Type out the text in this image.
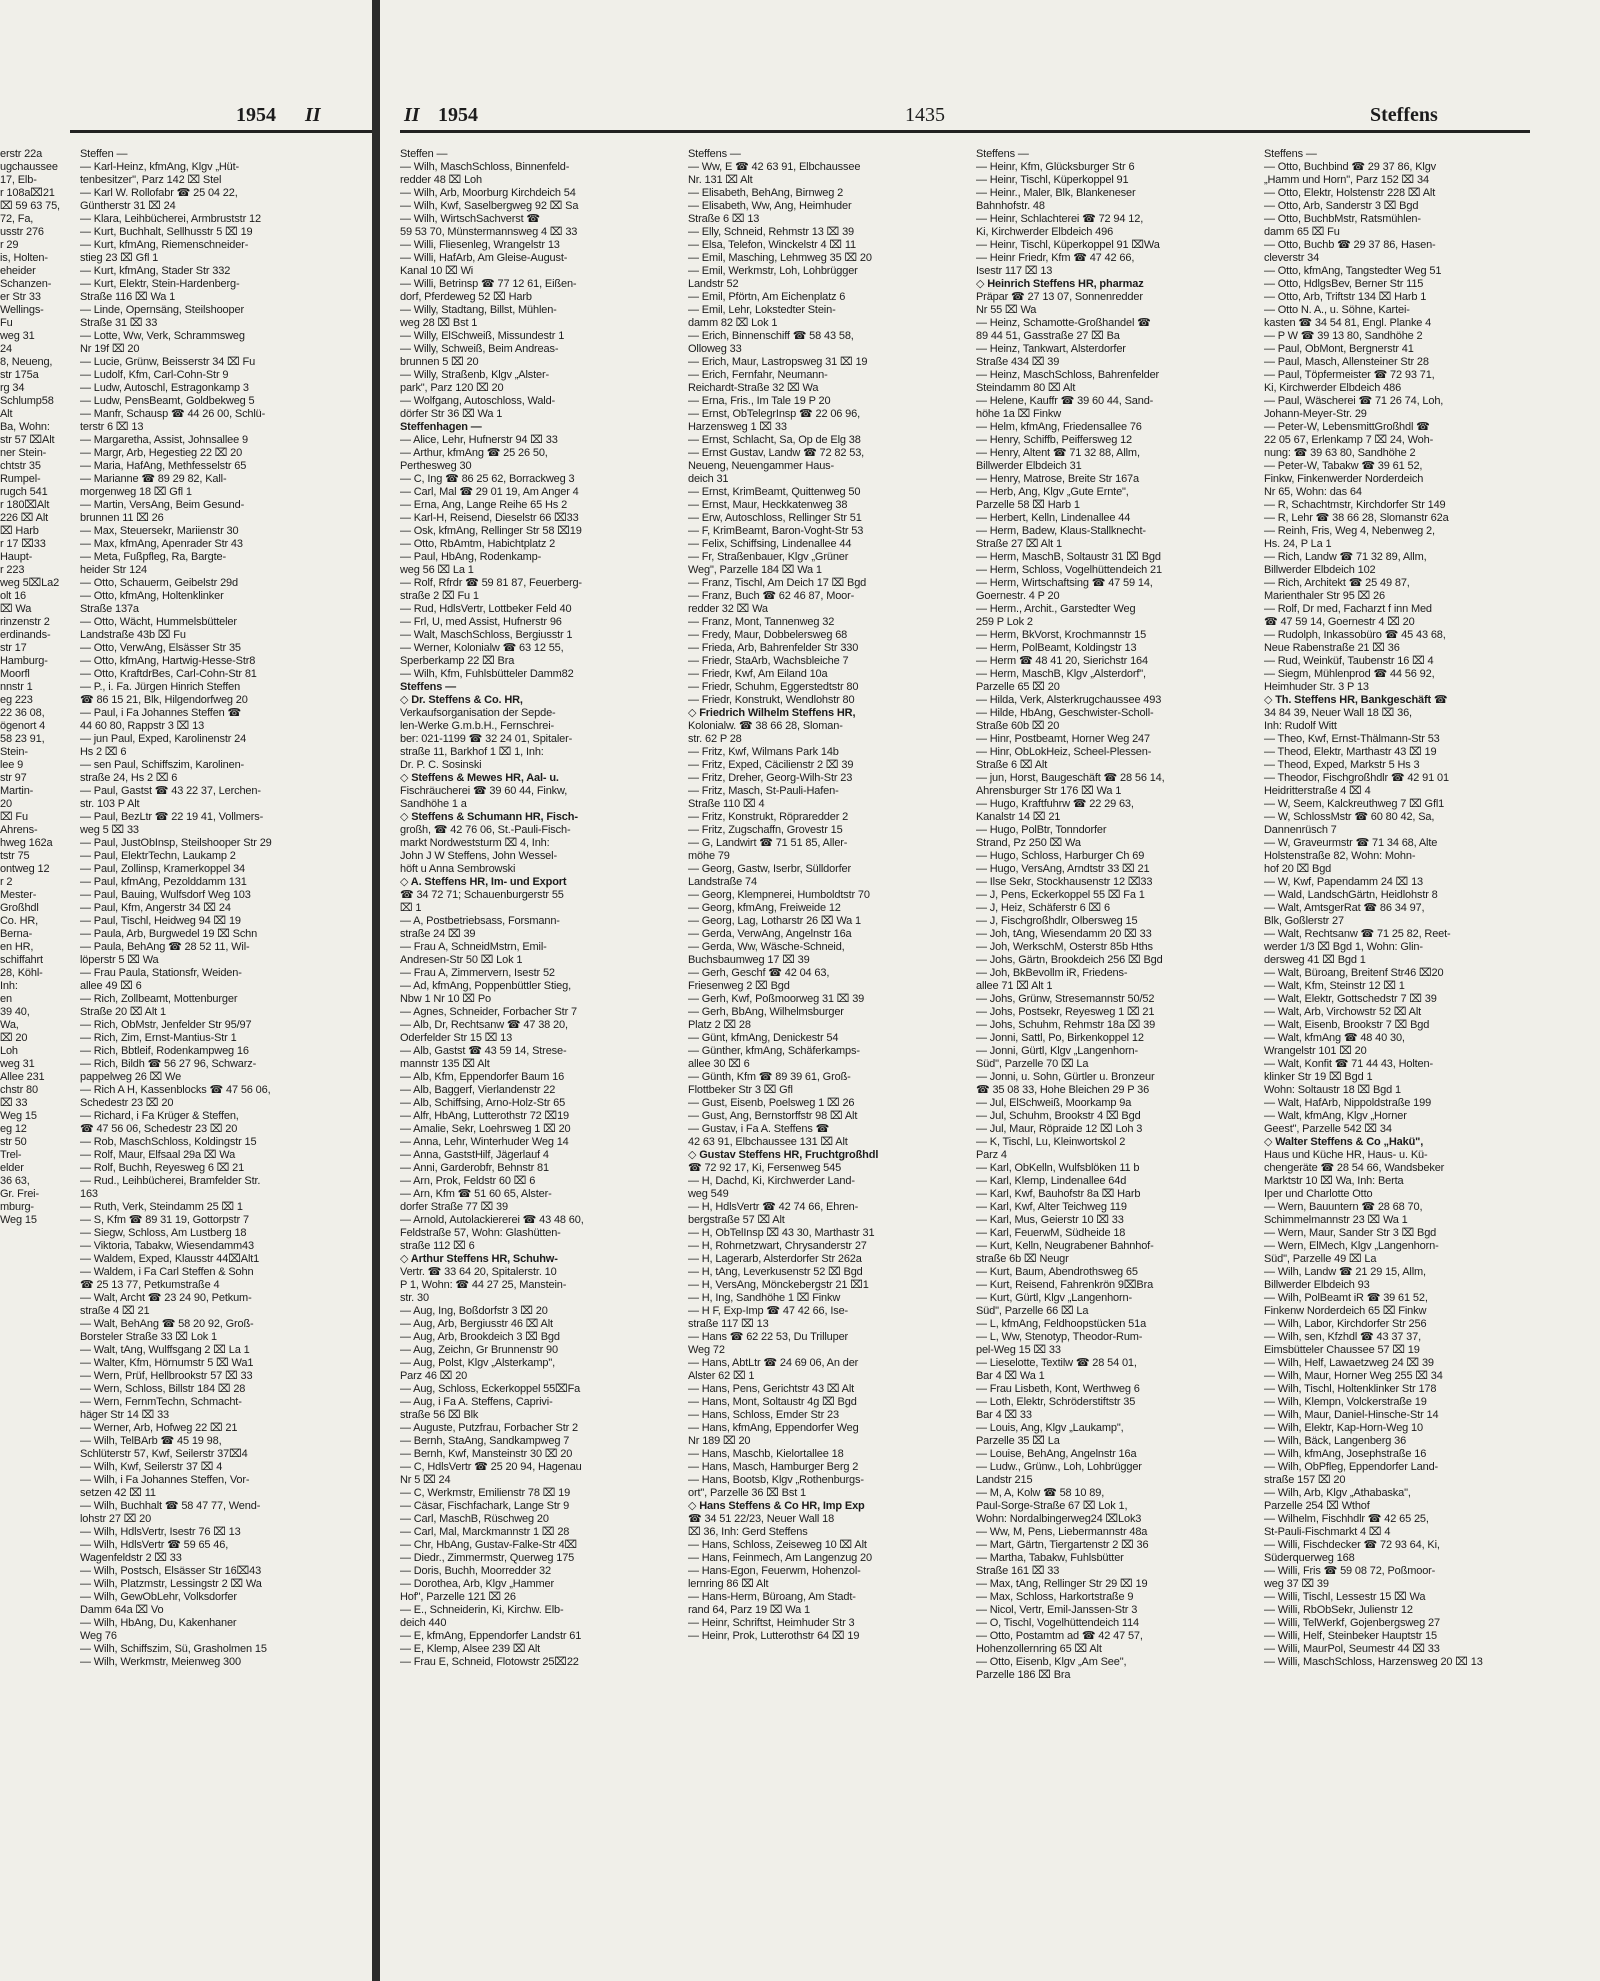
1954 II
erstr 22a
ugchaussee
17, Elb-
r 108a⌧21
⌧ 59 63 75,
72, Fa,
usstr 276
r 29
is, Holten-
eheider
Schanzen-
er Str 33
Wellings-
Fu
weg 31
24
8, Neueng,
str 175a
rg 34
Schlump58
Alt
Ba, Wohn:
str 57 ⌧Alt
ner Stein-
chtstr 35
Rumpel-
rugch 541
r 180⌧Alt
226 ⌧ Alt
⌧ Harb
r 17 ⌧33
Haupt-
r 223
weg 5⌧La2
olt 16
⌧ Wa
rinzenstr 2
erdinands-
str 17
Hamburg-
Moorfl
nnstr 1
eg 223
22 36 08,
ögenort 4
58 23 91,
Stein-
lee 9
str 97
Martin-
20
⌧ Fu
Ahrens-
hweg 162a
tstr 75
ontweg 12
r 2
Mester-
Großhdl
Co. HR,
Berna-
en HR,
schiffahrt
28, Köhl-
Inh:
en
39 40,
Wa,
⌧ 20
Loh
weg 31
Allee 231
chstr 80
⌧ 33
Weg 15
eg 12
str 50
Trel-
elder
36 63,
Gr. Frei-
mburg-
Weg 15
Steffen —
— Karl-Heinz, kfmAng, Klgv „Hüt-
tenbesitzer", Parz 142 ⌧ Stel
— Karl W. Rollofabr ☎ 25 04 22,
Güntherstr 31 ⌧ 24
— Klara, Leihbücherei, Armbruststr 12
— Kurt, Buchhalt, Sellhusstr 5 ⌧ 19
— Kurt, kfmAng, Riemenschneider-
stieg 23 ⌧ Gfl 1
— Kurt, kfmAng, Stader Str 332
— Kurt, Elektr, Stein-Hardenberg-
Straße 116 ⌧ Wa 1
— Linde, Opernsäng, Steilshooper
Straße 31 ⌧ 33
— Lotte, Ww, Verk, Schrammsweg
Nr 19f ⌧ 20
— Lucie, Grünw, Beisserstr 34 ⌧ Fu
— Ludolf, Kfm, Carl-Cohn-Str 9
— Ludw, Autoschl, Estragonkamp 3
— Ludw, PensBeamt, Goldbekweg 5
— Manfr, Schausp ☎ 44 26 00, Schlü-
terstr 6 ⌧ 13
— Margaretha, Assist, Johnsallee 9
— Margr, Arb, Hegestieg 22 ⌧ 20
— Maria, HafAng, Methfesselstr 65
— Marianne ☎ 89 29 82, Kall-
morgenweg 18 ⌧ Gfl 1
— Martin, VersAng, Beim Gesund-
brunnen 11 ⌧ 26
— Max, Steuersekr, Mariienstr 30
— Max, kfmAng, Apenrader Str 43
— Meta, Fußpfleg, Ra, Bargte-
heider Str 124
— Otto, Schauerm, Geibelstr 29d
— Otto, kfmAng, Holtenklinker
Straße 137a
— Otto, Wächt, Hummelsbütteler
Landstraße 43b ⌧ Fu
— Otto, VerwAng, Elsässer Str 35
— Otto, kfmAng, Hartwig-Hesse-Str8
— Otto, KraftdrBes, Carl-Cohn-Str 81
— P., i. Fa. Jürgen Hinrich Steffen
☎ 86 15 21, Blk, Hilgendorfweg 20
— Paul, i Fa Johannes Steffen ☎
44 60 80, Rappstr 3 ⌧ 13
— jun Paul, Exped, Karolinenstr 24
Hs 2 ⌧ 6
— sen Paul, Schiffszim, Karolinen-
straße 24, Hs 2 ⌧ 6
— Paul, Gastst ☎ 43 22 37, Lerchen-
str. 103 P Alt
— Paul, BezLtr ☎ 22 19 41, Vollmers-
weg 5 ⌧ 33
— Paul, JustObInsp, Steilshooper Str 29
— Paul, ElektrTechn, Laukamp 2
— Paul, Zollinsp, Kramerkoppel 34
— Paul, kfmAng, Pezolddamm 131
— Paul, Bauing, Wulfsdorf Weg 103
— Paul, Kfm, Angerstr 34 ⌧ 24
— Paul, Tischl, Heidweg 94 ⌧ 19
— Paula, Arb, Burgwedel 19 ⌧ Schn
— Paula, BehAng ☎ 28 52 11, Wil-
löperstr 5 ⌧ Wa
— Frau Paula, Stationsfr, Weiden-
allee 49 ⌧ 6
— Rich, Zollbeamt, Mottenburger
Straße 20 ⌧ Alt 1
— Rich, ObMstr, Jenfelder Str 95/97
— Rich, Zim, Ernst-Mantius-Str 1
— Rich, Bbtleif, Rodenkampweg 16
— Rich, Bildh ☎ 56 27 96, Schwarz-
pappelweg 26 ⌧ We
— Rich A H, Kassenblocks ☎ 47 56 06,
Schedestr 23 ⌧ 20
— Richard, i Fa Krüger & Steffen,
☎ 47 56 06, Schedestr 23 ⌧ 20
— Rob, MaschSchloss, Koldingstr 15
— Rolf, Maur, Elfsaal 29a ⌧ Wa
— Rolf, Buchh, Reyesweg 6 ⌧ 21
— Rud., Leihbücherei, Bramfelder Str.
163
— Ruth, Verk, Steindamm 25 ⌧ 1
— S, Kfm ☎ 89 31 19, Gottorpstr 7
— Siegw, Schloss, Am Lustberg 18
— Viktoria, Tabakw, Wiesendamm43
— Waldem, Exped, Klausstr 44⌧Alt1
— Waldem, i Fa Carl Steffen & Sohn
☎ 25 13 77, Petkumstraße 4
— Walt, Archt ☎ 23 24 90, Petkum-
straße 4 ⌧ 21
— Walt, BehAng ☎ 58 20 92, Groß-
Borsteler Straße 33 ⌧ Lok 1
— Walt, tAng, Wulffsgang 2 ⌧ La 1
— Walter, Kfm, Hörnumstr 5 ⌧ Wa1
— Wern, Prüf, Hellbrookstr 57 ⌧ 33
— Wern, Schloss, Billstr 184 ⌧ 28
— Wern, FernmTechn, Schmacht-
häger Str 14 ⌧ 33
— Werner, Arb, Hofweg 22 ⌧ 21
— Wilh, TelBArb ☎ 45 19 98,
Schlüterstr 57, Kwf, Seilerstr 37⌧4
— Wilh, Kwf, Seilerstr 37 ⌧ 4
— Wilh, i Fa Johannes Steffen, Vor-
setzen 42 ⌧ 11
— Wilh, Buchhalt ☎ 58 47 77, Wend-
lohstr 27 ⌧ 20
— Wilh, HdlsVertr, Isestr 76 ⌧ 13
— Wilh, HdlsVertr ☎ 59 65 46,
Wagenfeldstr 2 ⌧ 33
— Wilh, Postsch, Elsässer Str 16⌧43
— Wilh, Platzmstr, Lessingstr 2 ⌧ Wa
— Wilh, GewObLehr, Volksdorfer
Damm 64a ⌧ Vo
— Wilh, HbAng, Du, Kakenhaner
Weg 76
— Wilh, Schiffszim, Sü, Grasholmen 15
— Wilh, Werkmstr, Meienweg 300
II 1954	1435	Steffens
Steffen —
— Wilh, MaschSchloss, Binnenfeld-
redder 48 ⌧ Loh
— Wilh, Arb, Moorburg Kirchdeich 54
— Wilh, Kwf, Saselbergweg 92 ⌧ Sa
— Wilh, WirtschSachverst ☎
59 53 70, Münstermannsweg 4 ⌧ 33
— Willi, Fliesenleg, Wrangelstr 13
— Willi, HafArb, Am Gleise-August-
Kanal 10 ⌧ Wi
— Willi, Betrinsp ☎ 77 12 61, Eißen-
dorf, Pferdeweg 52 ⌧ Harb
— Willy, Stadtang, Billst, Mühlen-
weg 28 ⌧ Bst 1
— Willy, ElSchweiß, Missundestr 1
— Willy, Schweiß, Beim Andreas-
brunnen 5 ⌧ 20
— Willy, Straßenb, Klgv „Alster-
park", Parz 120 ⌧ 20
— Wolfgang, Autoschloss, Wald-
dörfer Str 36 ⌧ Wa 1
Steffenhagen —
— Alice, Lehr, Hufnerstr 94 ⌧ 33
— Arthur, kfmAng ☎ 25 26 50,
Perthesweg 30
— C, Ing ☎ 86 25 62, Borrackweg 3
— Carl, Mal ☎ 29 01 19, Am Anger 4
— Erna, Ang, Lange Reihe 65 Hs 2
— Karl-H, Reisend, Dieselstr 66 ⌧33
— Osk, kfmAng, Rellinger Str 58 ⌧19
— Otto, RbAmtm, Habichtplatz 2
— Paul, HbAng, Rodenkamp-
weg 56 ⌧ La 1
— Rolf, Rfrdr ☎ 59 81 87, Feuerberg-
straße 2 ⌧ Fu 1
— Rud, HdlsVertr, Lottbeker Feld 40
— Frl, U, med Assist, Hufnerstr 96
— Walt, MaschSchloss, Bergiusstr 1
— Werner, Kolonialw ☎ 63 12 55,
Sperberkamp 22 ⌧ Bra
— Wilh, Kfm, Fuhlsbütteler Damm82
Steffens —
◇ Dr. Steffens & Co. HR,
Verkaufsorganisation der Sepde-
len-Werke G.m.b.H., Fernschrei-
ber: 021-1199 ☎ 32 24 01, Spitaler-
straße 11, Barkhof 1 ⌧ 1, Inh:
Dr. P. C. Sosinski
◇ Steffens & Mewes HR, Aal- u.
Fischräucherei ☎ 39 60 44, Finkw,
Sandhöhe 1 a
◇ Steffens & Schumann HR, Fisch-
großh, ☎ 42 76 06, St.-Pauli-Fisch-
markt Nordweststurm ⌧ 4, Inh:
John J W Steffens, John Wessel-
höft u Anna Sembrowski
◇ A. Steffens HR, Im- und Export
☎ 34 72 71; Schauenburgerstr 55
⌧ 1
— A, Postbetriebsass, Forsmann-
straße 24 ⌧ 39
— Frau A, SchneidMstrn, Emil-
Andresen-Str 50 ⌧ Lok 1
— Frau A, Zimmervern, Isestr 52
— Ad, kfmAng, Poppenbüttler Stieg,
Nbw 1 Nr 10 ⌧ Po
— Agnes, Schneider, Forbacher Str 7
— Alb, Dr, Rechtsanw ☎ 47 38 20,
Oderfelder Str 15 ⌧ 13
— Alb, Gastst ☎ 43 59 14, Strese-
mannstr 135 ⌧ Alt
— Alb, Kfm, Eppendorfer Baum 16
— Alb, Baggerf, Vierlandenstr 22
— Alb, Schiffsing, Arno-Holz-Str 65
— Alfr, HbAng, Lutterothstr 72 ⌧19
— Amalie, Sekr, Loehrsweg 1 ⌧ 20
— Anna, Lehr, Winterhuder Weg 14
— Anna, GaststHilf, Jägerlauf 4
— Anni, Garderobfr, Behnstr 81
— Arn, Prok, Feldstr 60 ⌧ 6
— Arn, Kfm ☎ 51 60 65, Alster-
dorfer Straße 77 ⌧ 39
— Arnold, Autolackiererei ☎ 43 48 60,
Feldstraße 57, Wohn: Glashütten-
straße 112 ⌧ 6
◇ Arthur Steffens HR, Schuhw-
Vertr. ☎ 33 64 20, Spitalerstr. 10
P 1, Wohn: ☎ 44 27 25, Manstein-
str. 30
— Aug, Ing, Boßdorfstr 3 ⌧ 20
— Aug, Arb, Bergiusstr 46 ⌧ Alt
— Aug, Arb, Brookdeich 3 ⌧ Bgd
— Aug, Zeichn, Gr Brunnenstr 90
— Aug, Polst, Klgv „Alsterkamp",
Parz 46 ⌧ 20
— Aug, Schloss, Eckerkoppel 55⌧Fa
— Aug, i Fa A. Steffens, Caprivi-
straße 56 ⌧ Blk
— Auguste, Putzfrau, Forbacher Str 2
— Bernh, StaAng, Sandkampweg 7
— Bernh, Kwf, Mansteinstr 30 ⌧ 20
— C, HdlsVertr ☎ 25 20 94, Hagenau
Nr 5 ⌧ 24
— C, Werkmstr, Emilienstr 78 ⌧ 19
— Cäsar, Fischfachark, Lange Str 9
— Carl, MaschB, Rüschweg 20
— Carl, Mal, Marckmannstr 1 ⌧ 28
— Chr, HbAng, Gustav-Falke-Str 4⌧
— Diedr., Zimmermstr, Querweg 175
— Doris, Buchh, Moorredder 32
— Dorothea, Arb, Klgv „Hammer
Hof", Parzelle 121 ⌧ 26
— E., Schneiderin, Ki, Kirchw. Elb-
deich 440
— E, kfmAng, Eppendorfer Landstr 61
— E, Klemp, Alsee 239 ⌧ Alt
— Frau E, Schneid, Flotowstr 25⌧22
Steffens —
— Ww, E ☎ 42 63 91, Elbchaussee
Nr. 131 ⌧ Alt
— Elisabeth, BehAng, Birnweg 2
— Elisabeth, Ww, Ang, Heimhuder
Straße 6 ⌧ 13
— Elly, Schneid, Rehmstr 13 ⌧ 39
— Elsa, Telefon, Winckelstr 4 ⌧ 11
— Emil, Masching, Lehmweg 35 ⌧ 20
— Emil, Werkmstr, Loh, Lohbrügger
Landstr 52
— Emil, Pförtn, Am Eichenplatz 6
— Emil, Lehr, Lokstedter Stein-
damm 82 ⌧ Lok 1
— Erich, Binnenschiff ☎ 58 43 58,
Olloweg 33
— Erich, Maur, Lastropsweg 31 ⌧ 19
— Erich, Fernfahr, Neumann-
Reichardt-Straße 32 ⌧ Wa
— Erna, Fris., Im Tale 19 P 20
— Ernst, ObTelegrInsp ☎ 22 06 96,
Harzensweg 1 ⌧ 33
— Ernst, Schlacht, Sa, Op de Elg 38
— Ernst Gustav, Landw ☎ 72 82 53,
Neueng, Neuengammer Haus-
deich 31
— Ernst, KrimBeamt, Quittenweg 50
— Ernst, Maur, Heckkatenweg 38
— Erw, Autoschloss, Rellinger Str 51
— F, KrimBeamt, Baron-Voght-Str 53
— Felix, Schiffsing, Lindenallee 44
— Fr, Straßenbauer, Klgv „Grüner
Weg", Parzelle 184 ⌧ Wa 1
— Franz, Tischl, Am Deich 17 ⌧ Bgd
— Franz, Buch ☎ 62 46 87, Moor-
redder 32 ⌧ Wa
— Franz, Mont, Tannenweg 32
— Fredy, Maur, Dobbelersweg 68
— Frieda, Arb, Bahrenfelder Str 330
— Friedr, StaArb, Wachsbleiche 7
— Friedr, Kwf, Am Eiland 10a
— Friedr, Schuhm, Eggerstedtstr 80
— Friedr, Konstrukt, Wendlohstr 80
◇ Friedrich Wilhelm Steffens HR,
Kolonialw. ☎ 38 66 28, Sloman-
str. 62 P 28
— Fritz, Kwf, Wilmans Park 14b
— Fritz, Exped, Cäcilienstr 2 ⌧ 39
— Fritz, Dreher, Georg-Wilh-Str 23
— Fritz, Masch, St-Pauli-Hafen-
Straße 110 ⌧ 4
— Fritz, Konstrukt, Röpraredder 2
— Fritz, Zugschaffn, Grovestr 15
— G, Landwirt ☎ 71 51 85, Aller-
möhe 79
— Georg, Gastw, Iserbr, Sülldorfer
Landstraße 74
— Georg, Klempnerei, Humboldtstr 70
— Georg, kfmAng, Freiweide 12
— Georg, Lag, Lotharstr 26 ⌧ Wa 1
— Gerda, VerwAng, Angelnstr 16a
— Gerda, Ww, Wäsche-Schneid,
Buchsbaumweg 17 ⌧ 39
— Gerh, Geschf ☎ 42 04 63,
Friesenweg 2 ⌧ Bgd
— Gerh, Kwf, Poßmoorweg 31 ⌧ 39
— Gerh, BbAng, Wilhelmsburger
Platz 2 ⌧ 28
— Günt, kfmAng, Denickestr 54
— Günther, kfmAng, Schäferkamps-
allee 30 ⌧ 6
— Günth, Kfm ☎ 89 39 61, Groß-
Flottbeker Str 3 ⌧ Gfl
— Gust, Eisenb, Poelsweg 1 ⌧ 26
— Gust, Ang, Bernstorffstr 98 ⌧ Alt
— Gustav, i Fa A. Steffens ☎
42 63 91, Elbchaussee 131 ⌧ Alt
◇ Gustav Steffens HR, Fruchtgroßhdl
☎ 72 92 17, Ki, Fersenweg 545
— H, Dachd, Ki, Kirchwerder Land-
weg 549
— H, HdlsVertr ☎ 42 74 66, Ehren-
bergstraße 57 ⌧ Alt
— H, ObTelInsp ⌧ 43 30, Marthastr 31
— H, Rohrnetzwart, Chrysanderstr 27
— H, Lagerarb, Alsterdorfer Str 262a
— H, tAng, Leverkusenstr 52 ⌧ Bgd
— H, VersAng, Mönckebergstr 21 ⌧1
— H, Ing, Sandhöhe 1 ⌧ Finkw
— H F, Exp-Imp ☎ 47 42 66, Ise-
straße 117 ⌧ 13
— Hans ☎ 62 22 53, Du Trilluper
Weg 72
— Hans, AbtLtr ☎ 24 69 06, An der
Alster 62 ⌧ 1
— Hans, Pens, Gerichtstr 43 ⌧ Alt
— Hans, Mont, Soltaustr 4g ⌧ Bgd
— Hans, Schloss, Emder Str 23
— Hans, kfmAng, Eppendorfer Weg
Nr 189 ⌧ 20
— Hans, Maschb, Kielortallee 18
— Hans, Masch, Hamburger Berg 2
— Hans, Bootsb, Klgv „Rothenburgs-
ort", Parzelle 36 ⌧ Bst 1
◇ Hans Steffens & Co HR, Imp Exp
☎ 34 51 22/23, Neuer Wall 18
⌧ 36, Inh: Gerd Steffens
— Hans, Schloss, Zeiseweg 10 ⌧ Alt
— Hans, Feinmech, Am Langenzug 20
— Hans-Egon, Feuerwm, Hohenzol-
lernring 86 ⌧ Alt
— Hans-Herm, Büroang, Am Stadt-
rand 64, Parz 19 ⌧ Wa 1
— Heinr, Schriftst, Heimhuder Str 3
— Heinr, Prok, Lutterothstr 64 ⌧ 19
Steffens —
— Heinr, Kfm, Glücksburger Str 6
— Heinr, Tischl, Küperkoppel 91
— Heinr., Maler, Blk, Blankeneser
Bahnhofstr. 48
— Heinr, Schlachterei ☎ 72 94 12,
Ki, Kirchwerder Elbdeich 496
— Heinr, Tischl, Küperkoppel 91 ⌧Wa
— Heinr Friedr, Kfm ☎ 47 42 66,
Isestr 117 ⌧ 13
◇ Heinrich Steffens HR, pharmaz
Präpar ☎ 27 13 07, Sonnenredder
Nr 55 ⌧ Wa
— Heinz, Schamotte-Großhandel ☎
89 44 51, Gasstraße 27 ⌧ Ba
— Heinz, Tankwart, Alsterdorfer
Straße 434 ⌧ 39
— Heinz, MaschSchloss, Bahrenfelder
Steindamm 80 ⌧ Alt
— Helene, Kauffr ☎ 39 60 44, Sand-
höhe 1a ⌧ Finkw
— Helm, kfmAng, Friedensallee 76
— Henry, Schiffb, Peiffersweg 12
— Henry, Altent ☎ 71 32 88, Allm,
Billwerder Elbdeich 31
— Henry, Matrose, Breite Str 167a
— Herb, Ang, Klgv „Gute Ernte",
Parzelle 58 ⌧ Harb 1
— Herbert, Kelln, Lindenallee 44
— Herm, Badew, Klaus-Stallknecht-
Straße 27 ⌧ Alt 1
— Herm, MaschB, Soltaustr 31 ⌧ Bgd
— Herm, Schloss, Vogelhüttendeich 21
— Herm, Wirtschaftsing ☎ 47 59 14,
Goernestr. 4 P 20
— Herm., Archit., Garstedter Weg
259 P Lok 2
— Herm, BkVorst, Krochmannstr 15
— Herm, PolBeamt, Koldingstr 13
— Herm ☎ 48 41 20, Sierichstr 164
— Herm, MaschB, Klgv „Alsterdorf",
Parzelle 65 ⌧ 20
— Hilda, Verk, Alsterkrugchaussee 493
— Hilde, HbAng, Geschwister-Scholl-
Straße 60b ⌧ 20
— Hinr, Postbeamt, Horner Weg 247
— Hinr, ObLokHeiz, Scheel-Plessen-
Straße 6 ⌧ Alt
— jun, Horst, Baugeschäft ☎ 28 56 14,
Ahrensburger Str 176 ⌧ Wa 1
— Hugo, Kraftfuhrw ☎ 22 29 63,
Kanalstr 14 ⌧ 21
— Hugo, PolBtr, Tonndorfer
Strand, Pz 250 ⌧ Wa
— Hugo, Schloss, Harburger Ch 69
— Hugo, VersAng, Arndtstr 33 ⌧ 21
— Ilse Sekr, Stockhausenstr 12 ⌧33
— J, Pens, Eckerkoppel 55 ⌧ Fa 1
— J, Heiz, Schäferstr 6 ⌧ 6
— J, Fischgroßhdlr, Olbersweg 15
— Joh, tAng, Wiesendamm 20 ⌧ 33
— Joh, WerkschM, Osterstr 85b Hths
— Johs, Gärtn, Brookdeich 256 ⌧ Bgd
— Joh, BkBevollm iR, Friedens-
allee 71 ⌧ Alt 1
— Johs, Grünw, Stresemannstr 50/52
— Johs, Postsekr, Reyesweg 1 ⌧ 21
— Johs, Schuhm, Rehmstr 18a ⌧ 39
— Jonni, Sattl, Po, Birkenkoppel 12
— Jonni, Gürtl, Klgv „Langenhorn-
Süd", Parzelle 70 ⌧ La
— Jonni, u. Sohn, Gürtler u. Bronzeur
☎ 35 08 33, Hohe Bleichen 29 P 36
— Jul, ElSchweiß, Moorkamp 9a
— Jul, Schuhm, Brookstr 4 ⌧ Bgd
— Jul, Maur, Röpraide 12 ⌧ Loh 3
— K, Tischl, Lu, Kleinwortskol 2
Parz 4
— Karl, ObKelln, Wulfsblöken 11 b
— Karl, Klemp, Lindenallee 64d
— Karl, Kwf, Bauhofstr 8a ⌧ Harb
— Karl, Kwf, Alter Teichweg 119
— Karl, Mus, Geierstr 10 ⌧ 33
— Karl, FeuerwM, Südheide 18
— Kurt, Kelln, Neugrabener Bahnhof-
straße 6b ⌧ Neugr
— Kurt, Baum, Abendrothsweg 65
— Kurt, Reisend, Fahrenkrön 9⌧Bra
— Kurt, Gürtl, Klgv „Langenhorn-
Süd", Parzelle 66 ⌧ La
— L, kfmAng, Feldhoopstücken 51a
— L, Ww, Stenotyp, Theodor-Rum-
pel-Weg 15 ⌧ 33
— Lieselotte, Textilw ☎ 28 54 01,
Bar 4 ⌧ Wa 1
— Frau Lisbeth, Kont, Werthweg 6
— Loth, Elektr, Schröderstiftstr 35
Bar 4 ⌧ 33
— Louis, Ang, Klgv „Laukamp",
Parzelle 35 ⌧ La
— Louise, BehAng, Angelnstr 16a
— Ludw., Grünw., Loh, Lohbrügger
Landstr 215
— M, A, Kolw ☎ 58 10 89,
Paul-Sorge-Straße 67 ⌧ Lok 1,
Wohn: Nordalbingerweg24 ⌧Lok3
— Ww, M, Pens, Liebermannstr 48a
— Mart, Gärtn, Tiergartenstr 2 ⌧ 36
— Martha, Tabakw, Fuhlsbütter
Straße 161 ⌧ 33
— Max, tAng, Rellinger Str 29 ⌧ 19
— Max, Schloss, Harkortstraße 9
— Nicol, Vertr, Emil-Janssen-Str 3
— O, Tischl, Vogelhüttendeich 114
— Otto, Postamtm ad ☎ 42 47 57,
Hohenzollernring 65 ⌧ Alt
— Otto, Eisenb, Klgv „Am See",
Parzelle 186 ⌧ Bra
Steffens —
— Otto, Buchbind ☎ 29 37 86, Klgv
„Hamm und Horn", Parz 152 ⌧ 34
— Otto, Elektr, Holstenstr 228 ⌧ Alt
— Otto, Arb, Sanderstr 3 ⌧ Bgd
— Otto, BuchbMstr, Ratsmühlen-
damm 65 ⌧ Fu
— Otto, Buchb ☎ 29 37 86, Hasen-
cleverstr 34
— Otto, kfmAng, Tangstedter Weg 51
— Otto, HdlgsBev, Berner Str 115
— Otto, Arb, Triftstr 134 ⌧ Harb 1
— Otto N. A., u. Söhne, Kartei-
kasten ☎ 34 54 81, Engl. Planke 4
— P W ☎ 39 13 80, Sandhöhe 2
— Paul, ObMont, Bergnerstr 41
— Paul, Masch, Allensteiner Str 28
— Paul, Töpfermeister ☎ 72 93 71,
Ki, Kirchwerder Elbdeich 486
— Paul, Wäscherei ☎ 71 26 74, Loh,
Johann-Meyer-Str. 29
— Peter-W, LebensmittGroßhdl ☎
22 05 67, Erlenkamp 7 ⌧ 24, Woh-
nung: ☎ 39 63 80, Sandhöhe 2
— Peter-W, Tabakw ☎ 39 61 52,
Finkw, Finkenwerder Norderdeich
Nr 65, Wohn: das 64
— R, Schachtmstr, Kirchdorfer Str 149
— R, Lehr ☎ 38 66 28, Slomanstr 62a
— Reinh, Fris, Weg 4, Nebenweg 2,
Hs. 24, P La 1
— Rich, Landw ☎ 71 32 89, Allm,
Billwerder Elbdeich 102
— Rich, Architekt ☎ 25 49 87,
Marienthaler Str 95 ⌧ 26
— Rolf, Dr med, Facharzt f inn Med
☎ 47 59 14, Goernestr 4 ⌧ 20
— Rudolph, Inkassobüro ☎ 45 43 68,
Neue Rabenstraße 21 ⌧ 36
— Rud, Weinküf, Taubenstr 16 ⌧ 4
— Siegm, Mühlenprod ☎ 44 56 92,
Heimhuder Str. 3 P 13
◇ Th. Steffens HR, Bankgeschäft ☎
34 84 39, Neuer Wall 18 ⌧ 36,
Inh: Rudolf Witt
— Theo, Kwf, Ernst-Thälmann-Str 53
— Theod, Elektr, Marthastr 43 ⌧ 19
— Theod, Exped, Markstr 5 Hs 3
— Theodor, Fischgroßhdlr ☎ 42 91 01
Heidritterstraße 4 ⌧ 4
— W, Seem, Kalckreuthweg 7 ⌧ Gfl1
— W, SchlossMstr ☎ 60 80 42, Sa,
Dannenrüsch 7
— W, Graveurmstr ☎ 71 34 68, Alte
Holstenstraße 82, Wohn: Mohn-
hof 20 ⌧ Bgd
— W, Kwf, Papendamm 24 ⌧ 13
— Wald, LandschGärtn, Heidlohstr 8
— Walt, AmtsgerRat ☎ 86 34 97,
Blk, Goßlerstr 27
— Walt, Rechtsanw ☎ 71 25 82, Reet-
werder 1/3 ⌧ Bgd 1, Wohn: Glin-
dersweg 41 ⌧ Bgd 1
— Walt, Büroang, Breitenf Str46 ⌧20
— Walt, Kfm, Steinstr 12 ⌧ 1
— Walt, Elektr, Gottschedstr 7 ⌧ 39
— Walt, Arb, Virchowstr 52 ⌧ Alt
— Walt, Eisenb, Brookstr 7 ⌧ Bgd
— Walt, kfmAng ☎ 48 40 30,
Wrangelstr 101 ⌧ 20
— Walt, Konfit ☎ 71 44 43, Holten-
klinker Str 19 ⌧ Bgd 1
Wohn: Soltaustr 18 ⌧ Bgd 1
— Walt, HafArb, Nippoldstraße 199
— Walt, kfmAng, Klgv „Horner
Geest", Parzelle 542 ⌧ 34
◇ Walter Steffens & Co „Hakü",
Haus und Küche HR, Haus- u. Kü-
chengeräte ☎ 28 54 66, Wandsbeker
Marktstr 10 ⌧ Wa, Inh: Berta
Iper und Charlotte Otto
— Wern, Bauuntern ☎ 28 68 70,
Schimmelmannstr 23 ⌧ Wa 1
— Wern, Maur, Sander Str 3 ⌧ Bgd
— Wern, ElMech, Klgv „Langenhorn-
Süd", Parzelle 49 ⌧ La
— Wilh, Landw ☎ 21 29 15, Allm,
Billwerder Elbdeich 93
— Wilh, PolBeamt iR ☎ 39 61 52,
Finkenw Norderdeich 65 ⌧ Finkw
— Wilh, Labor, Kirchdorfer Str 256
— Wilh, sen, Kfzhdl ☎ 43 37 37,
Eimsbütteler Chaussee 57 ⌧ 19
— Wilh, Helf, Lawaetzweg 24 ⌧ 39
— Wilh, Maur, Horner Weg 255 ⌧ 34
— Wilh, Tischl, Holtenklinker Str 178
— Wilh, Klempn, Volckerstraße 19
— Wilh, Maur, Daniel-Hinsche-Str 14
— Wilh, Elektr, Kap-Horn-Weg 10
— Wilh, Bäck, Langenberg 36
— Wilh, kfmAng, Josephstraße 16
— Wilh, ObPfleg, Eppendorfer Land-
straße 157 ⌧ 20
— Wilh, Arb, Klgv „Athabaska",
Parzelle 254 ⌧ Wthof
— Wilhelm, Fischhdlr ☎ 42 65 25,
St-Pauli-Fischmarkt 4 ⌧ 4
— Willi, Fischdecker ☎ 72 93 64, Ki,
Süderquerweg 168
— Willi, Fris ☎ 59 08 72, Poßmoor-
weg 37 ⌧ 39
— Willi, Tischl, Lessestr 15 ⌧ Wa
— Willi, RbObSekr, Julienstr 12
— Willi, TelWerkf, Gojenbergsweg 27
— Willi, Helf, Steinbeker Hauptstr 15
— Willi, MaurPol, Seumestr 44 ⌧ 33
— Willi, MaschSchloss, Harzensweg 20 ⌧ 13
